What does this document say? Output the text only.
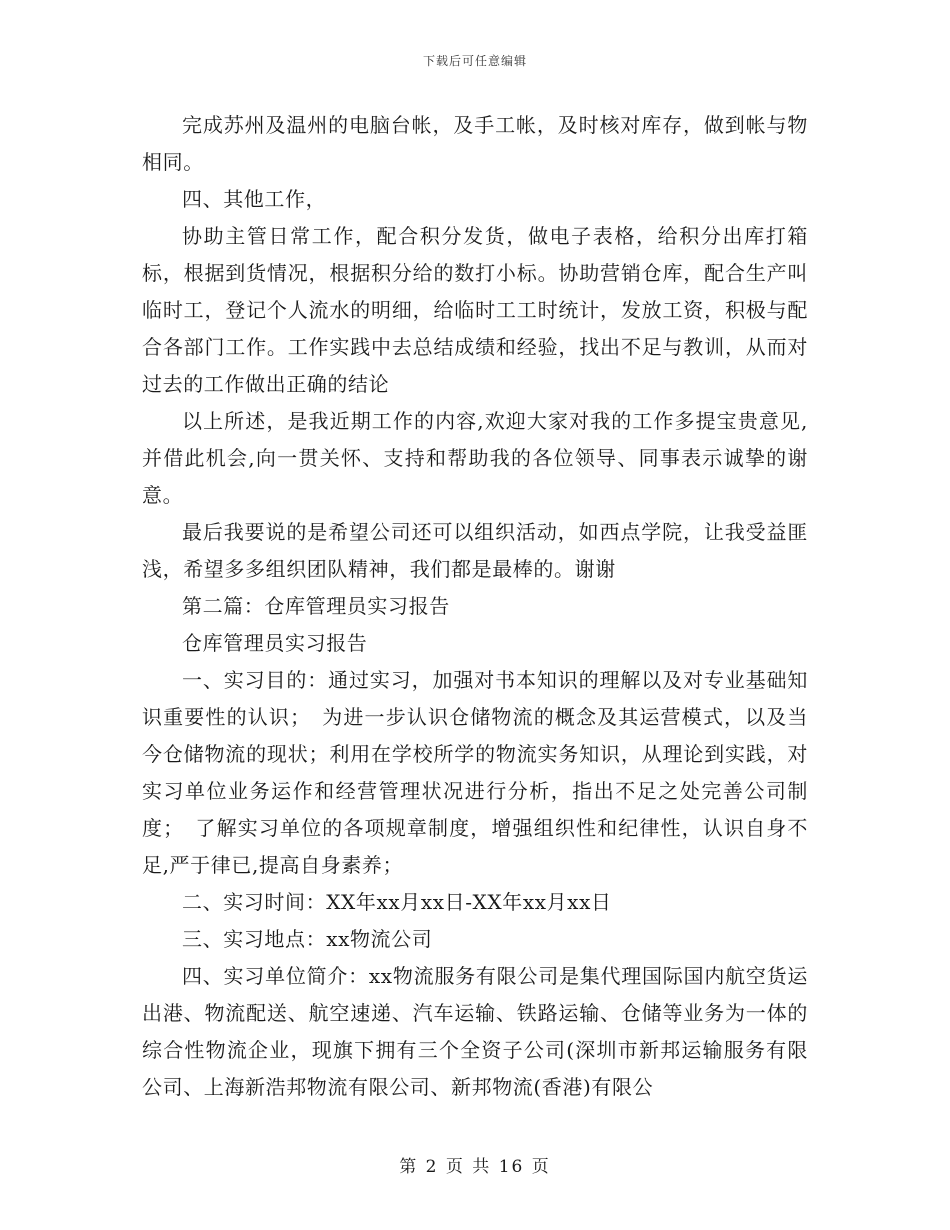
下载后可任意编辑

完成苏州及温州的电脑台帐，及手工帐，及时核对库存，做到帐与物相同。

四、其他工作，

协助主管日常工作，配合积分发货，做电子表格，给积分出库打箱标，根据到货情况，根据积分给的数打小标。协助营销仓库，配合生产叫临时工，登记个人流水的明细，给临时工工时统计，发放工资，积极与配合各部门工作。工作实践中去总结成绩和经验，找出不足与教训，从而对过去的工作做出正确的结论

以上所述，是我近期工作的内容,欢迎大家对我的工作多提宝贵意见,并借此机会,向一贯关怀、支持和帮助我的各位领导、同事表示诚挚的谢意。

最后我要说的是希望公司还可以组织活动，如西点学院，让我受益匪浅，希望多多组织团队精神，我们都是最棒的。谢谢

第二篇：仓库管理员实习报告

仓库管理员实习报告

一、实习目的：通过实习，加强对书本知识的理解以及对专业基础知识重要性的认识；　为进一步认识仓储物流的概念及其运营模式，以及当今仓储物流的现状；利用在学校所学的物流实务知识，从理论到实践，对实习单位业务运作和经营管理状况进行分析，指出不足之处完善公司制度；　了解实习单位的各项规章制度，增强组织性和纪律性，认识自身不足,严于律已,提高自身素养；

二、实习时间：XX年xx月xx日-XX年xx月xx日

三、实习地点：xx物流公司

四、实习单位简介：xx物流服务有限公司是集代理国际国内航空货运出港、物流配送、航空速递、汽车运输、铁路运输、仓储等业务为一体的综合性物流企业，现旗下拥有三个全资子公司(深圳市新邦运输服务有限公司、上海新浩邦物流有限公司、新邦物流(香港)有限公

第 2 页 共 16 页
